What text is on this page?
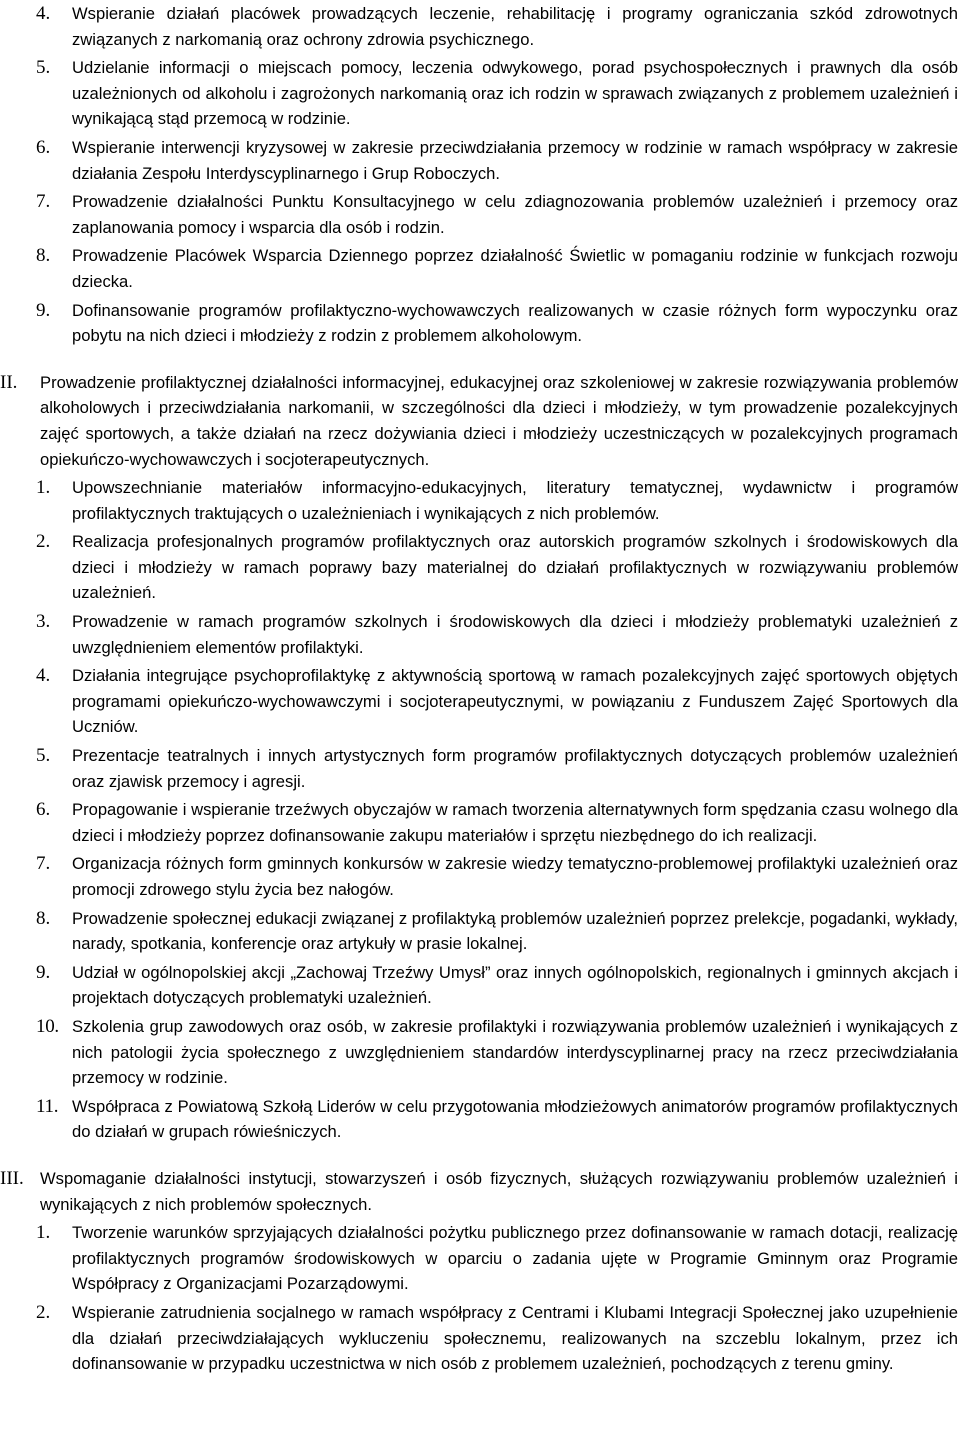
4. Wspieranie działań placówek prowadzących leczenie, rehabilitację i programy ograniczania szkód zdrowotnych związanych z narkomanią oraz ochrony zdrowia psychicznego.
5. Udzielanie informacji o miejscach pomocy, leczenia odwykowego, porad psychospołecznych i prawnych dla osób uzależnionych od alkoholu i zagrożonych narkomanią oraz ich rodzin w sprawach związanych z problemem uzależnień i wynikającą stąd przemocą w rodzinie.
6. Wspieranie interwencji kryzysowej w zakresie przeciwdziałania przemocy w rodzinie w ramach współpracy w zakresie działania Zespołu Interdyscyplinarnego i Grup Roboczych.
7. Prowadzenie działalności Punktu Konsultacyjnego w celu zdiagnozowania problemów uzależnień i przemocy oraz zaplanowania pomocy i wsparcia dla osób i rodzin.
8. Prowadzenie Placówek Wsparcia Dziennego poprzez działalność Świetlic w pomaganiu rodzinie w funkcjach rozwoju dziecka.
9. Dofinansowanie programów profilaktyczno-wychowawczych realizowanych w czasie różnych form wypoczynku oraz pobytu na nich dzieci i młodzieży z rodzin z problemem alkoholowym.
II. Prowadzenie profilaktycznej działalności informacyjnej, edukacyjnej oraz szkoleniowej w zakresie rozwiązywania problemów alkoholowych i przeciwdziałania narkomanii, w szczególności dla dzieci i młodzieży, w tym prowadzenie pozalekcyjnych zajęć sportowych, a także działań na rzecz dożywiania dzieci i młodzieży uczestniczących w pozalekcyjnych programach opiekuńczo-wychowawczych i socjoterapeutycznych.
1. Upowszechnianie materiałów informacyjno-edukacyjnych, literatury tematycznej, wydawnictw i programów profilaktycznych traktujących o uzależnieniach i wynikających z nich problemów.
2. Realizacja profesjonalnych programów profilaktycznych oraz autorskich programów szkolnych i środowiskowych dla dzieci i młodzieży w ramach poprawy bazy materialnej do działań profilaktycznych w rozwiązywaniu problemów uzależnień.
3. Prowadzenie w ramach programów szkolnych i środowiskowych dla dzieci i młodzieży problematyki uzależnień z uwzględnieniem elementów profilaktyki.
4. Działania integrujące psychoprofilaktykę z aktywnością sportową w ramach pozalekcyjnych zajęć sportowych objętych programami opiekuńczo-wychowawczymi i socjoterapeutycznymi, w powiązaniu z Funduszem Zajęć Sportowych dla Uczniów.
5. Prezentacje teatralnych i innych artystycznych form programów profilaktycznych dotyczących problemów uzależnień oraz zjawisk przemocy i agresji.
6. Propagowanie i wspieranie trzeźwych obyczajów w ramach tworzenia alternatywnych form spędzania czasu wolnego dla dzieci i młodzieży poprzez dofinansowanie zakupu materiałów i sprzętu niezbędnego do ich realizacji.
7. Organizacja różnych form gminnych konkursów w zakresie wiedzy tematyczno-problemowej profilaktyki uzależnień oraz promocji zdrowego stylu życia bez nałogów.
8. Prowadzenie społecznej edukacji związanej z profilaktyką problemów uzależnień poprzez prelekcje, pogadanki, wykłady, narady, spotkania, konferencje oraz artykuły w prasie lokalnej.
9. Udział w ogólnopolskiej akcji „Zachowaj Trzeźwy Umysł” oraz innych ogólnopolskich, regionalnych i gminnych akcjach i projektach dotyczących problematyki uzależnień.
10. Szkolenia grup zawodowych oraz osób, w zakresie profilaktyki i rozwiązywania problemów uzależnień i wynikających z nich patologii życia społecznego z uwzględnieniem standardów interdyscyplinarnej pracy na rzecz przeciwdziałania przemocy w rodzinie.
11. Współpraca z Powiatową Szkołą Liderów w celu przygotowania młodzieżowych animatorów programów profilaktycznych do działań w grupach rówieśniczych.
III. Wspomaganie działalności instytucji, stowarzyszeń i osób fizycznych, służących rozwiązywaniu problemów uzależnień i wynikających z nich problemów społecznych.
1. Tworzenie warunków sprzyjających działalności pożytku publicznego przez dofinansowanie w ramach dotacji, realizację profilaktycznych programów środowiskowych w oparciu o zadania ujęte w Programie Gminnym oraz Programie Współpracy z Organizacjami Pozarządowymi.
2. Wspieranie zatrudnienia socjalnego w ramach współpracy z Centrami i Klubami Integracji Społecznej jako uzupełnienie dla działań przeciwdziałających wykluczeniu społecznemu, realizowanych na szczeblu lokalnym, przez ich dofinansowanie w przypadku uczestnictwa w nich osób z problemem uzależnień, pochodzących z terenu gminy.
